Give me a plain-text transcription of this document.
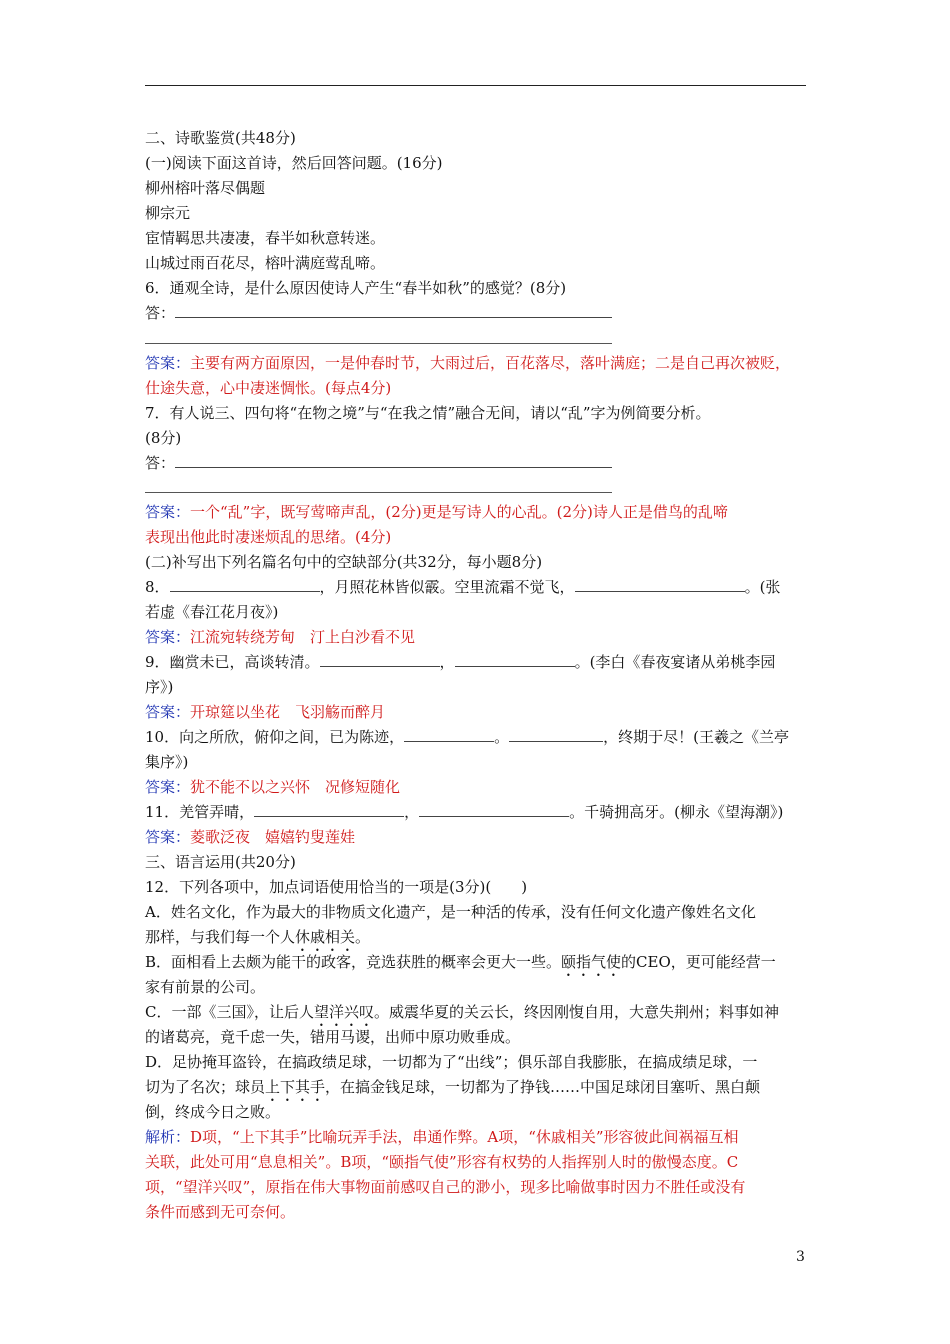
二、诗歌鉴赏(共48分)
(一)阅读下面这首诗，然后回答问题。(16分)
柳州榕叶落尽偶题
柳宗元
宦情羁思共凄凄，春半如秋意转迷。
山城过雨百花尽，榕叶满庭莺乱啼。
6．通观全诗，是什么原因使诗人产生“春半如秋”的感觉？(8分)
答：
答案：主要有两方面原因，一是仲春时节，大雨过后，百花落尽，落叶满庭；二是自己再次被贬，
仕途失意，心中凄迷惆怅。(每点4分)
7．有人说三、四句将“在物之境”与“在我之情”融合无间，请以“乱”字为例简要分析。
(8分)
答：
答案：一个“乱”字，既写莺啼声乱，(2分)更是写诗人的心乱。(2分)诗人正是借鸟的乱啼
表现出他此时凄迷烦乱的思绪。(4分)
(二)补写出下列名篇名句中的空缺部分(共32分，每小题8分)
8．	，月照花林皆似霰。空里流霜不觉飞，	。(张
若虚《春江花月夜》)
答案：江流宛转绕芳甸　汀上白沙看不见
9．幽赏未已，高谈转清。	，	。(李白《春夜宴诸从弟桃李园
序》)
答案：开琼筵以坐花　飞羽觞而醉月
10．向之所欣，俯仰之间，已为陈迹，	。	，终期于尽！(王羲之《兰亭
集序》)
答案：犹不能不以之兴怀　况修短随化
11．羌管弄晴，	，	。千骑拥高牙。(柳永《望海潮》)
答案：菱歌泛夜　嬉嬉钓叟莲娃
三、语言运用(共20分)
12．下列各项中，加点词语使用恰当的一项是(3分)(　　)
A．姓名文化，作为最大的非物质文化遗产，是一种活的传承，没有任何文化遗产像姓名文化
那样，与我们每一个人休戚相关。
B．面相看上去颇为能干的政客，竞选获胜的概率会更大一些。颐指气使的CEO，更可能经营一
家有前景的公司。
C．一部《三国》，让后人望洋兴叹。威震华夏的关云长，终因刚愎自用，大意失荆州；料事如神
的诸葛亮，竟千虑一失，错用马谡，出师中原功败垂成。
D．足协掩耳盗铃，在搞政绩足球，一切都为了“出线”；俱乐部自我膨胀，在搞成绩足球，一
切为了名次；球员上下其手，在搞金钱足球，一切都为了挣钱……中国足球闭目塞听、黑白颠
倒，终成今日之败。
解析：D项，“上下其手”比喻玩弄手法，串通作弊。A项，“休戚相关”形容彼此间祸福互相
关联，此处可用“息息相关”。B项，“颐指气使”形容有权势的人指挥别人时的傲慢态度。C
项，“望洋兴叹”，原指在伟大事物面前感叹自己的渺小，现多比喻做事时因力不胜任或没有
条件而感到无可奈何。
3
